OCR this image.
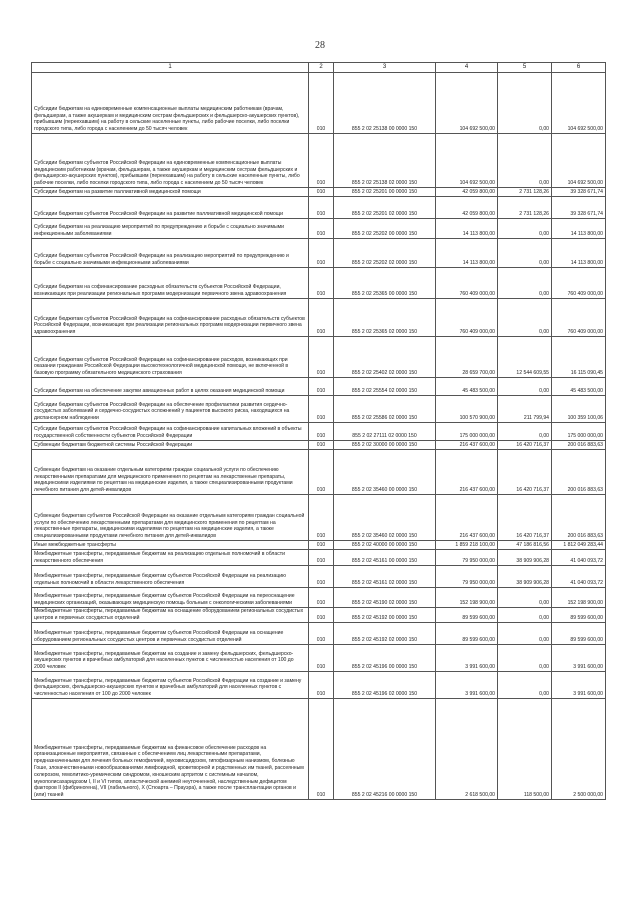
28
1	2	3	4	5	6
Субсидии бюджетам на единовременные компенсационные выплаты медицинским работникам (врачам, фельдшерам, а также акушеркам и медицинским сестрам фельдшерских и фельдшерско-акушерских пунктов), прибывшим (переехавшим) на работу в сельские населенные пункты, либо рабочие поселки, либо поселки городского типа, либо города с населением до 50 тысяч человек	010	855 2 02 25138 00 0000 150	104 692 500,00	0,00	104 692 500,00
Субсидии бюджетам субъектов Российской Федерации на единовременные компенсационные выплаты медицинским работникам (врачам, фельдшерам, а также акушеркам и медицинским сестрам фельдшерских и фельдшерско-акушерских пунктов), прибывшим (переехавшим) на работу в сельские населенные пункты, либо рабочие поселки, либо поселки городского типа, либо города с населением до 50 тысяч человек	010	855 2 02 25138 02 0000 150	104 692 500,00	0,00	104 692 500,00
Субсидии бюджетам на развитие паллиативной медицинской помощи	010	855 2 02 25201 00 0000 150	42 059 800,00	2 731 128,26	39 328 671,74
Субсидии бюджетам субъектов Российской Федерации на развитие паллиативной медицинской помощи	010	855 2 02 25201 02 0000 150	42 059 800,00	2 731 128,26	39 328 671,74
Субсидии бюджетам на реализацию мероприятий по предупреждению и борьбе с социально значимыми инфекционными заболеваниями	010	855 2 02 25202 00 0000 150	14 113 800,00	0,00	14 113 800,00
Субсидии бюджетам субъектов Российской Федерации на реализацию мероприятий по предупреждению и борьбе с социально значимыми инфекционными заболеваниями	010	855 2 02 25202 02 0000 150	14 113 800,00	0,00	14 113 800,00
Субсидии бюджетам на софинансирование расходных обязательств субъектов Российской Федерации, возникающих при реализации региональных программ модернизации первичного звена здравоохранения	010	855 2 02 25365 00 0000 150	760 409 000,00	0,00	760 409 000,00
Субсидии бюджетам субъектов Российской Федерации на софинансирование расходных обязательств субъектов Российской Федерации, возникающих при реализации региональных программ модернизации первичного звена здравоохранения	010	855 2 02 25365 02 0000 150	760 409 000,00	0,00	760 409 000,00
Субсидии бюджетам субъектов Российской Федерации на софинансирование расходов, возникающих при оказании гражданам Российской Федерации высокотехнологичной медицинской помощи, не включенной в базовую программу обязательного медицинского страхования	010	855 2 02 25402 02 0000 150	28 659 700,00	12 544 609,55	16 115 090,45
Субсидии бюджетам на обеспечение закупки авиационных работ в целях оказания медицинской помощи	010	855 2 02 25554 02 0000 150	45 483 500,00	0,00	45 483 500,00
Субсидии бюджетам субъектов Российской Федерации на обеспечение профилактики развития сердечно-сосудистых заболеваний и сердечно-сосудистых осложнений у пациентов высокого риска, находящихся на диспансерном наблюдении	010	855 2 02 25586 02 0000 150	100 570 900,00	211 799,94	100 359 100,06
Субсидии бюджетам субъектов Российской Федерации на софинансирование капитальных вложений в объекты государственной собственности субъектов Российской Федерации	010	855 2 02 27111 02 0000 150	175 000 000,00	0,00	175 000 000,00
Субвенции бюджетам бюджетной системы Российской Федерации	010	855 2 02 30000 00 0000 150	216 437 600,00	16 420 716,37	200 016 883,63
Субвенции бюджетам на оказание отдельным категориям граждан социальной услуги по обеспечению лекарственными препаратами для медицинского применения по рецептам на лекарственные препараты, медицинскими изделиями по рецептам на медицинские изделия, а также специализированными продуктами лечебного питания для детей-инвалидов	010	855 2 02 35460 00 0000 150	216 437 600,00	16 420 716,37	200 016 883,63
Субвенции бюджетам субъектов Российской Федерации на оказание отдельным категориям граждан социальной услуги по обеспечению лекарственными препаратами для медицинского применения по рецептам на лекарственные препараты, медицинскими изделиями по рецептам на медицинские изделия, а также специализированными продуктами лечебного питания для детей-инвалидов	010	855 2 02 35460 02 0000 150	216 437 600,00	16 420 716,37	200 016 883,63
Иные межбюджетные трансферты	010	855 2 02 40000 00 0000 150	1 859 218 100,00	47 186 816,56	1 812 049 283,44
Межбюджетные трансферты, передаваемые бюджетам на реализацию отдельных полномочий в области лекарственного обеспечения	010	855 2 02 45161 00 0000 150	79 950 000,00	38 909 906,28	41 040 093,72
Межбюджетные трансферты, передаваемые бюджетам субъектов Российской Федерации на реализацию отдельных полномочий в области лекарственного обеспечения	010	855 2 02 45161 02 0000 150	79 950 000,00	38 909 906,28	41 040 093,72
Межбюджетные трансферты, передаваемые бюджетам субъектов Российской Федерации на переоснащение медицинских организаций, оказывающих медицинскую помощь больным с онкологическими заболеваниями	010	855 2 02 45190 02 0000 150	152 198 900,00	0,00	152 198 900,00
Межбюджетные трансферты, передаваемые бюджетам на оснащение оборудованием региональных сосудистых центров и первичных сосудистых отделений	010	855 2 02 45192 00 0000 150	89 599 600,00	0,00	89 599 600,00
Межбюджетные трансферты, передаваемые бюджетам субъектов Российской Федерации на оснащение оборудованием региональных сосудистых центров и первичных сосудистых отделений	010	855 2 02 45192 02 0000 150	89 599 600,00	0,00	89 599 600,00
Межбюджетные трансферты, передаваемые бюджетам на создание и замену фельдшерских, фельдшерско-акушерских пунктов и врачебных амбулаторий для населенных пунктов с численностью населения от 100 до 2000 человек	010	855 2 02 45196 00 0000 150	3 991 600,00	0,00	3 991 600,00
Межбюджетные трансферты, передаваемые бюджетам субъектов Российской Федерации на создание и замену фельдшерских, фельдшерско-акушерских пунктов и врачебных амбулаторий для населенных пунктов с численностью населения от 100 до 2000 человек	010	855 2 02 45196 02 0000 150	3 991 600,00	0,00	3 991 600,00
Межбюджетные трансферты, передаваемые бюджетам на финансовое обеспечение расходов на организационные мероприятия, связанные с обеспечением лиц лекарственными препаратами, предназначенными для лечения больных гемофилией, муковисцидозом, гипофизарным нанизмом, болезнью Гоше, злокачественными новообразованиями лимфоидной, кроветворной и родственных им тканей, рассеянным склерозом, гемолитико-уремическим синдромом, юношеским артритом с системным началом, мукополисахаридозом I, II и VI типов, апластической анемией неуточненной, наследственным дефицитом факторов II (фибриногена), VII (лабильного), X (Стюарта – Прауэра), а также после трансплантации органов и (или) тканей	010	855 2 02 45216 00 0000 150	2 618 500,00	118 500,00	2 500 000,00
